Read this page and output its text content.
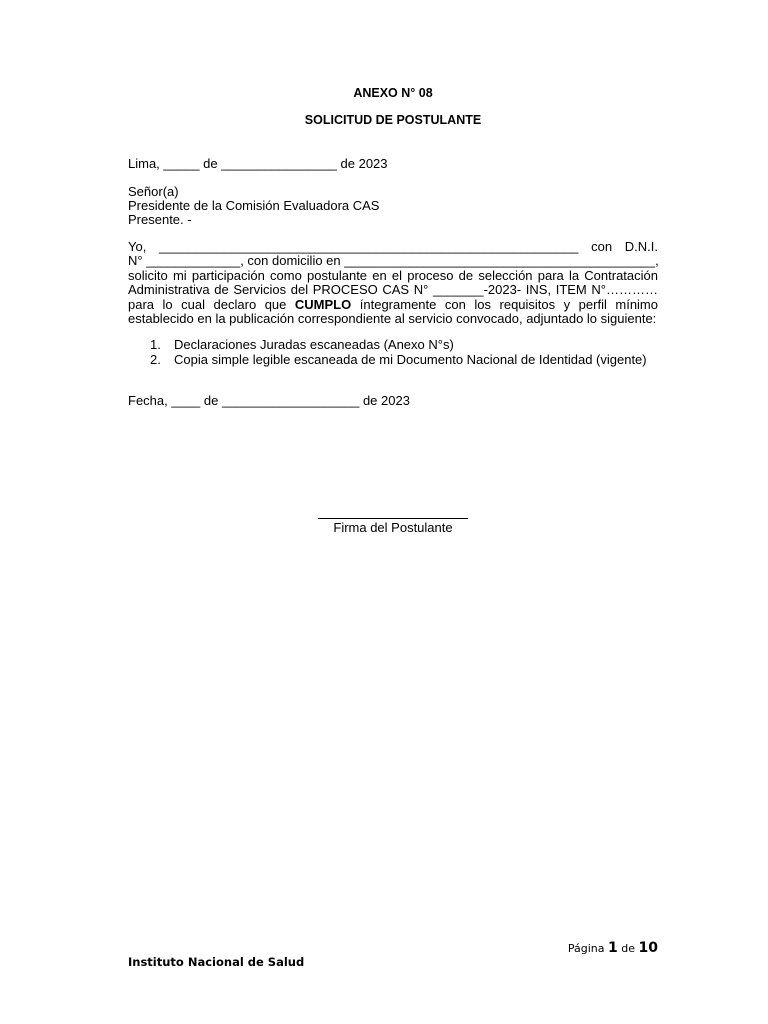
ANEXO N° 08
SOLICITUD DE POSTULANTE
Lima, _____ de ________________ de 2023
Señor(a)
Presidente de la Comisión Evaluadora CAS
Presente. -
Yo, __________________________________________________________ con D.N.I.
N° _____________, con domicilio en ___________________________________________,
solicito mi participación como postulante en el proceso de selección para la Contratación
Administrativa de Servicios del PROCESO CAS N° _______-2023- INS, ITEM N°…………
para lo cual declaro que CUMPLO íntegramente con los requisitos y perfil mínimo
establecido en la publicación correspondiente al servicio convocado, adjuntado lo siguiente:
1.	Declaraciones Juradas escaneadas (Anexo N°s)
2.	Copia simple legible escaneada de mi Documento Nacional de Identidad (vigente)
Fecha, ____ de ___________________ de 2023
Firma del Postulante
Página 1 de 10
Instituto Nacional de Salud
